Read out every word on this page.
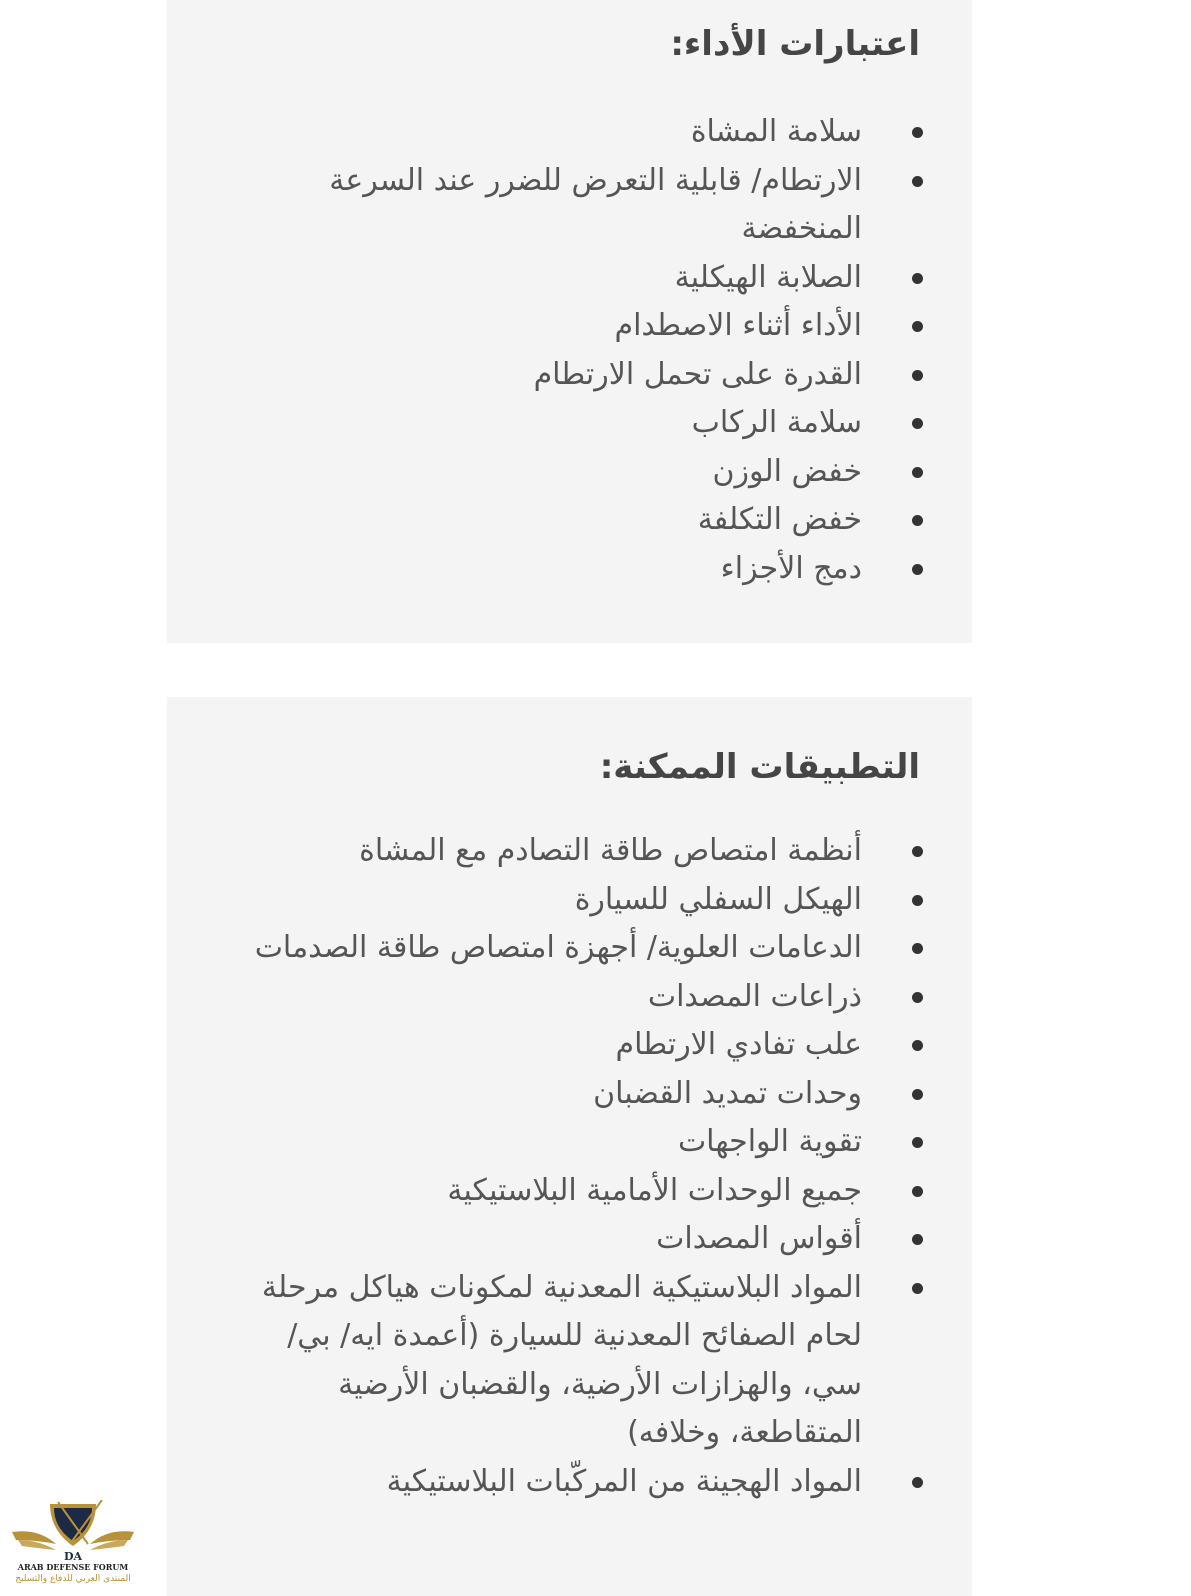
اعتبارات الأداء:
سلامة المشاة
الارتطام/ قابلية التعرض للضرر عند السرعة المنخفضة
الصلابة الهيكلية
الأداء أثناء الاصطدام
القدرة على تحمل الارتطام
سلامة الركاب
خفض الوزن
خفض التكلفة
دمج الأجزاء
التطبيقات الممكنة:
أنظمة امتصاص طاقة التصادم مع المشاة
الهيكل السفلي للسيارة
الدعامات العلوية/ أجهزة امتصاص طاقة الصدمات
ذراعات المصدات
علب تفادي الارتطام
وحدات تمديد القضبان
تقوية الواجهات
جميع الوحدات الأمامية البلاستيكية
أقواس المصدات
المواد البلاستيكية المعدنية لمكونات هياكل مرحلة لحام الصفائح المعدنية للسيارة (أعمدة ايه/ بي/ سي، والهزازات الأرضية، والقضبان الأرضية المتقاطعة، وخلافه)
المواد الهجينة من المركّبات البلاستيكية
DA
ARAB DEFENSE FORUM
المنتدى العربي للدفاع والتسليح
